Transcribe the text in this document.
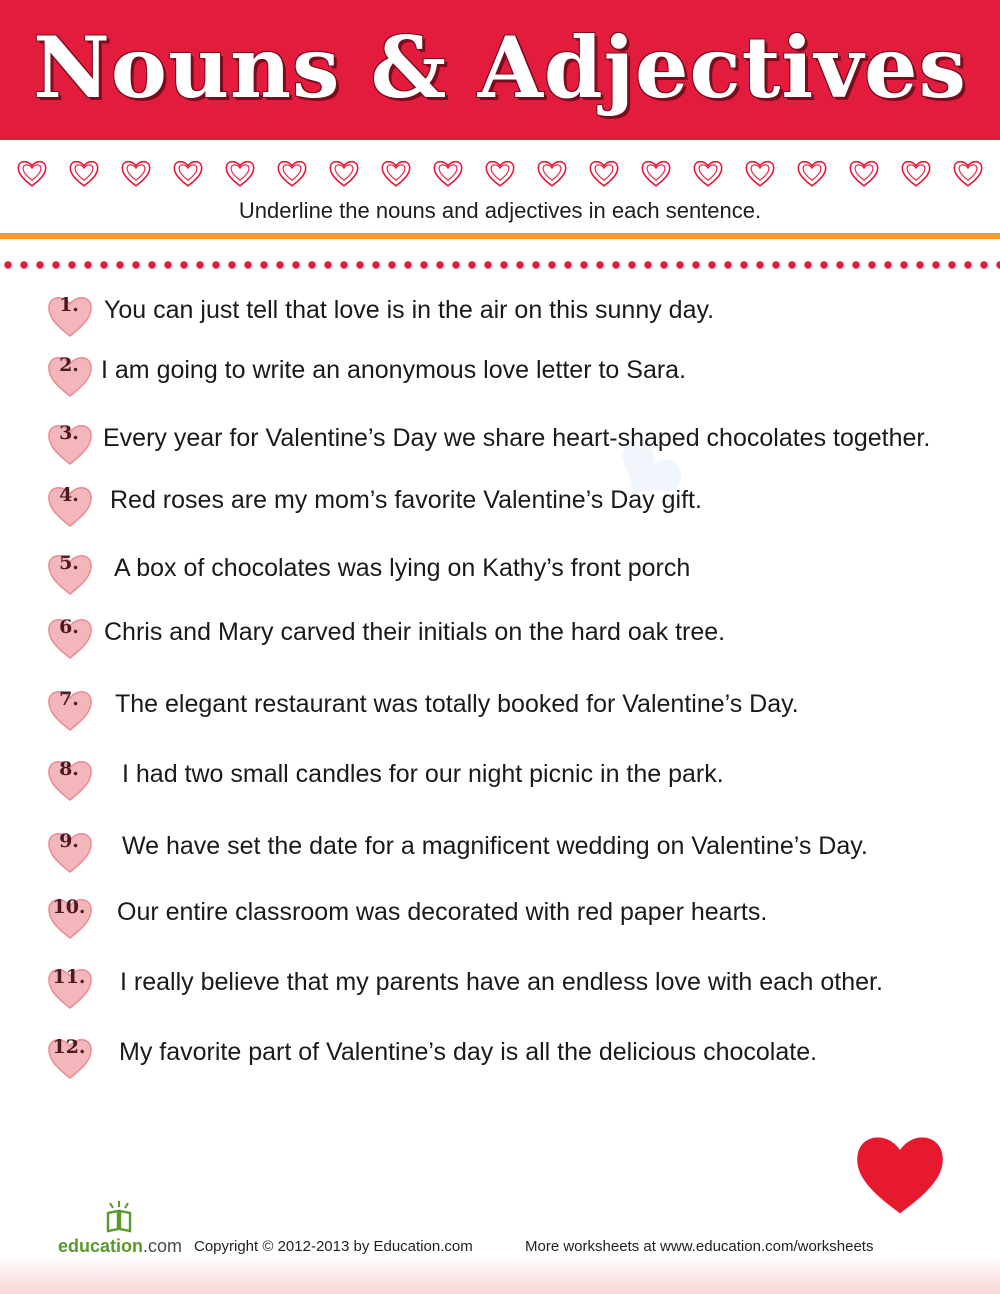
Nouns & Adjectives
Underline the nouns and adjectives in each sentence.
❤
1.	You can just tell that love is in the air on this sunny day.
2. I am going to write an anonymous love letter to Sara.
3. Every year for Valentine’s Day we share heart-shaped chocolates together.
4.	Red roses are my mom’s favorite Valentine’s Day gift.
5.	A box of chocolates was lying on Kathy’s front porch
6.	Chris and Mary carved their initials on the hard oak tree.
7.	The elegant restaurant was totally booked for Valentine’s Day.
8.	I had two small candles for our night picnic in the park.
9.	We have set the date for a magnificent wedding on Valentine’s Day.
10. Our entire classroom was decorated with red paper hearts.
11. I really believe that my parents have an endless love with each other.
12. My favorite part of Valentine’s day is all the delicious chocolate.
education.com Copyright © 2012-2013 by Education.com	More worksheets at www.education.com/worksheets
